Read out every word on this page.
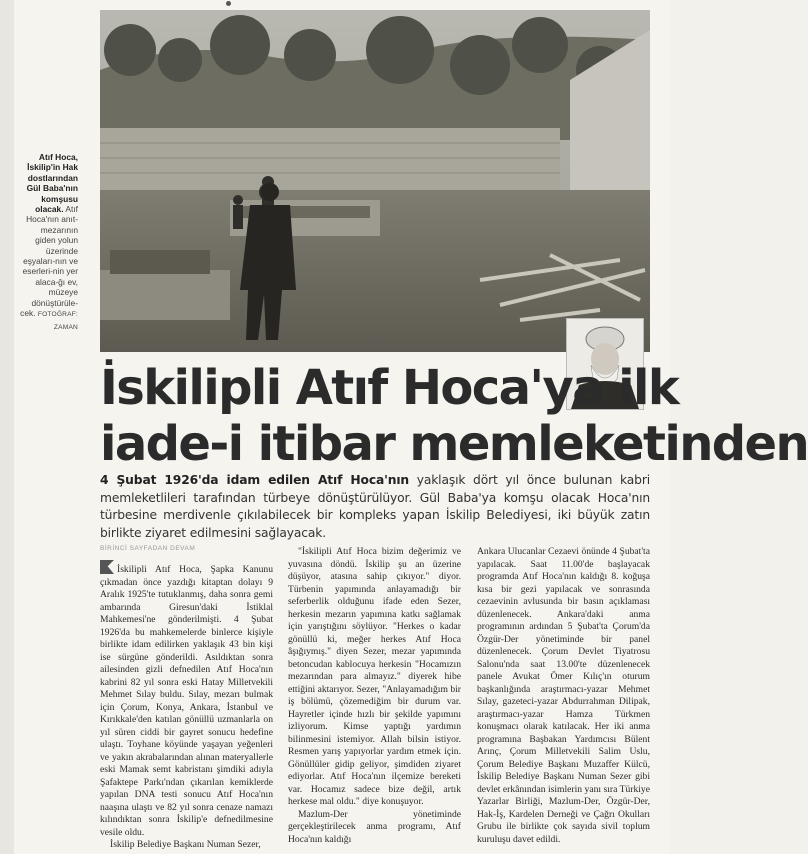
Atıf Hoca, İskilip'in Hak dostlarından Gül Baba'nın komşusu olacak. Atıf Hoca'nın anıt-mezarının giden yolun üzerinde eşyaları-nın ve eserleri-nin yer alaca-ğı ev, müzeye dönüştürüle-cek. FOTOĞRAF: ZAMAN
İskilipli Atıf Hoca'ya ilk
iade-i itibar memleketinden
4 Şubat 1926'da idam edilen Atıf Hoca'nın yaklaşık dört yıl önce bulunan kabri memleketlileri tarafından türbeye dönüştürülüyor. Gül Baba'ya komşu olacak Hoca'nın türbesine merdivenle çıkılabilecek bir kompleks yapan İskilip Belediyesi, iki büyük zatın birlikte ziyaret edilmesini sağlayacak.
BİRİNCİ SAYFADAN DEVAM

İskilipli Atıf Hoca, Şapka Kanunu çıkmadan önce yazdığı kitaptan dolayı 9 Aralık 1925'te tutuklanmış, daha sonra gemi ambarında Giresun'daki İstiklal Mahkemesi'ne gönderilmişti. 4 Şubat 1926'da bu mahkemelerde binlerce kişiyle birlikte idam edilirken yaklaşık 43 bin kişi ise sürgüne gönderildi. Asıldıktan sonra ailesinden gizli defnedilen Atıf Hoca'nın kabrini 82 yıl sonra eski Hatay Milletvekili Mehmet Sılay buldu. Sılay, mezarı bulmak için Çorum, Konya, Ankara, İstanbul ve Kırıkkale'den katılan gönüllü uzmanlarla on yıl süren ciddi bir gayret sonucu hedefine ulaştı. Toyhane köyünde yaşayan yeğenleri ve yakın akrabalarından alınan materyallerle eski Mamak semt kabristanı şimdiki adıyla Şafaktepe Parkı'ndan çıkarılan kemiklerde yapılan DNA testi sonucu Atıf Hoca'nın naaşına ulaştı ve 82 yıl sonra cenaze namazı kılındıktan sonra İskilip'e defnedilmesine vesile oldu.

İskilip Belediye Başkanı Numan Sezer,

"İskilipli Atıf Hoca bizim değerimiz ve yuvasına döndü. İskilip şu an üzerine düşüyor, atasına sahip çıkıyor." diyor. Türbenin yapımında anlayamadığı bir seferberlik olduğunu ifade eden Sezer, herkesin mezarın yapımına katkı sağlamak için yarıştığını söylüyor. "Herkes o kadar gönüllü ki, meğer herkes Atıf Hoca âşığıymış." diyen Sezer, mezar yapımında betoncudan kablocuya herkesin "Hocamızın mezarından para almayız." diyerek hibe ettiğini aktarıyor. Sezer, "Anlayamadığım bir iş bölümü, çözemediğim bir durum var. Hayretler içinde hızlı bir şekilde yapımını izliyorum. Kimse yaptığı yardımın bilinmesini istemiyor. Allah bilsin istiyor. Resmen yarış yapıyorlar yardım etmek için. Gönüllüler gidip geliyor, şimdiden ziyaret ediyorlar. Atıf Hoca'nın ilçemize bereketi var. Hocamız sadece bize değil, artık herkese mal oldu." diye konuşuyor.

Mazlum-Der yönetiminde gerçekleştirilecek anma programı, Atıf Hoca'nın kaldığı

Ankara Ulucanlar Cezaevi önünde 4 Şubat'ta yapılacak. Saat 11.00'de başlayacak programda Atıf Hoca'nın kaldığı 8. koğuşa kısa bir gezi yapılacak ve sonrasında cezaevinin avlusunda bir basın açıklaması düzenlenecek. Ankara'daki anma programının ardından 5 Şubat'ta Çorum'da Özgür-Der yönetiminde bir panel düzenlenecek. Çorum Devlet Tiyatrosu Salonu'nda saat 13.00'te düzenlenecek panele Avukat Ömer Kılıç'ın oturum başkanlığında araştırmacı-yazar Mehmet Sılay, gazeteci-yazar Abdurrahman Dilipak, araştırmacı-yazar Hamza Türkmen konuşmacı olarak katılacak. Her iki anma programına Başbakan Yardımcısı Bülent Arınç, Çorum Milletvekili Salim Uslu, Çorum Belediye Başkanı Muzaffer Külcü, İskilip Belediye Başkanı Numan Sezer gibi devlet erkânından isimlerin yanı sıra Türkiye Yazarlar Birliği, Mazlum-Der, Özgür-Der, Hak-İş, Kardelen Derneği ve Çağrı Okulları Grubu ile birlikte çok sayıda sivil toplum kuruluşu davet edildi.
